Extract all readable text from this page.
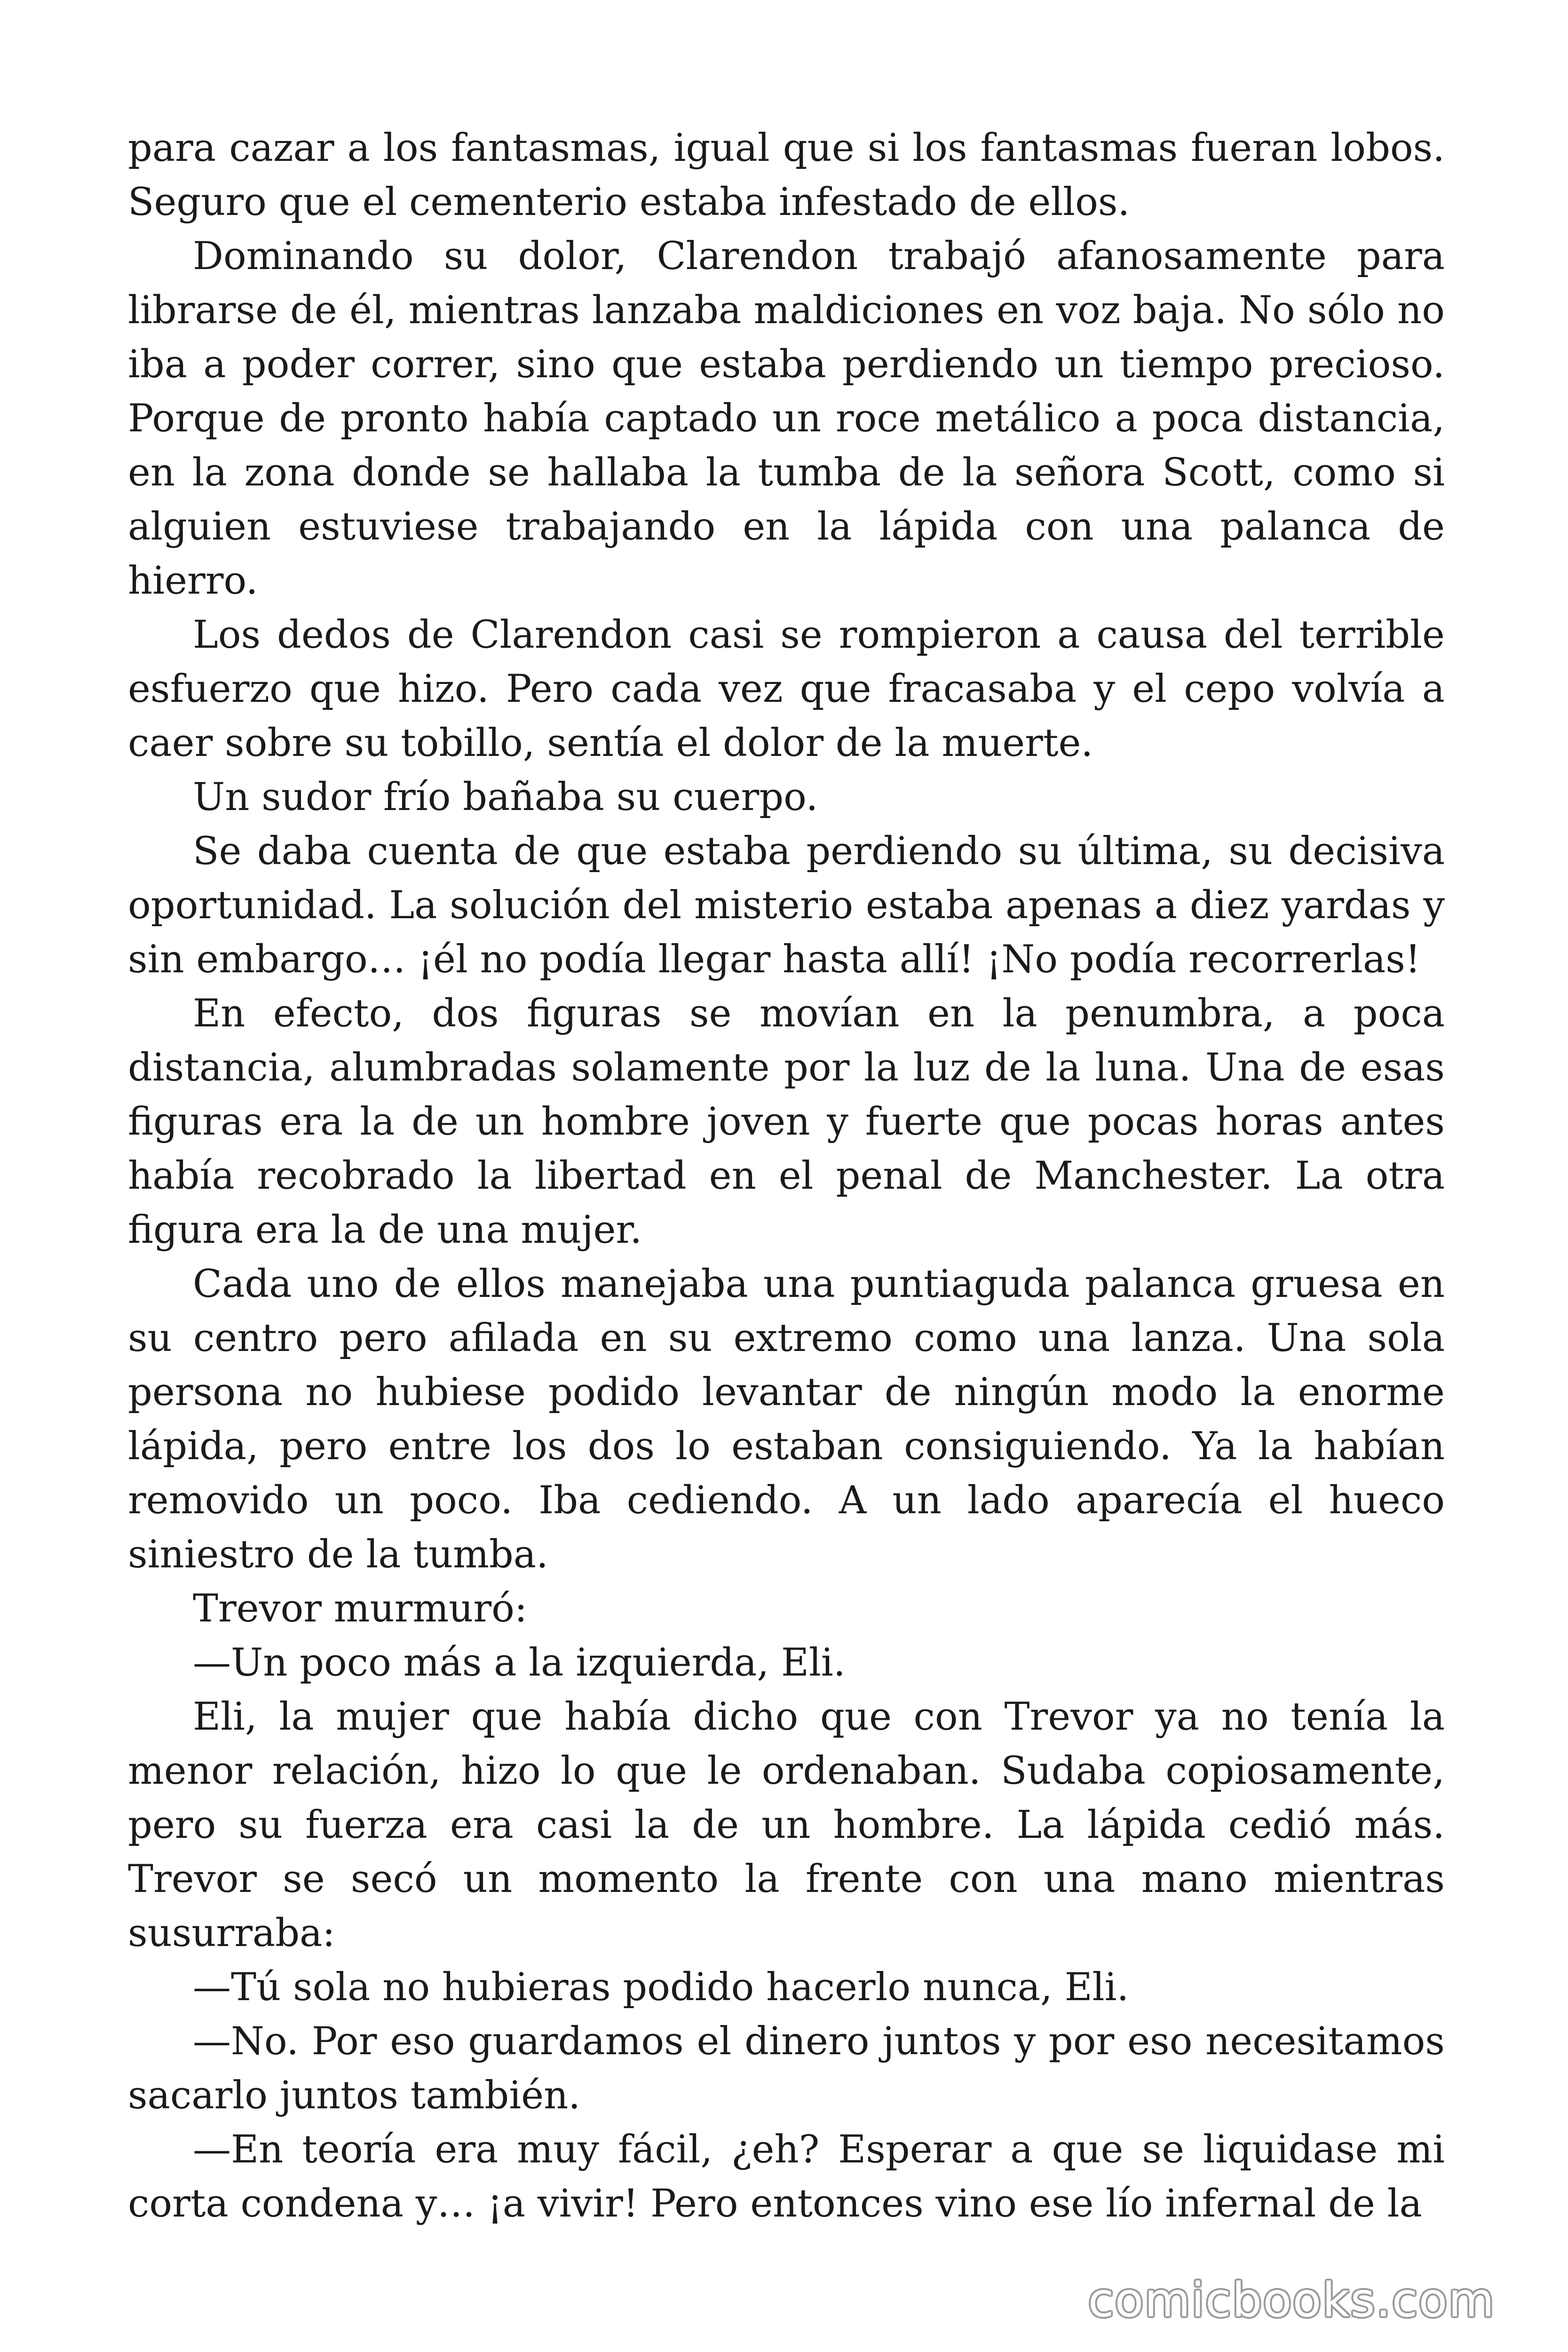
para cazar a los fantasmas, igual que si los fantasmas fueran lobos. Seguro que el cementerio estaba infestado de ellos.

Dominando su dolor, Clarendon trabajó afanosamente para librarse de él, mientras lanzaba maldiciones en voz baja. No sólo no iba a poder correr, sino que estaba perdiendo un tiempo precioso. Porque de pronto había captado un roce metálico a poca distancia, en la zona donde se hallaba la tumba de la señora Scott, como si alguien estuviese trabajando en la lápida con una palanca de hierro.

Los dedos de Clarendon casi se rompieron a causa del terrible esfuerzo que hizo. Pero cada vez que fracasaba y el cepo volvía a caer sobre su tobillo, sentía el dolor de la muerte.

Un sudor frío bañaba su cuerpo.

Se daba cuenta de que estaba perdiendo su última, su decisiva oportunidad. La solución del misterio estaba apenas a diez yardas y sin embargo… ¡él no podía llegar hasta allí! ¡No podía recorrerlas!

En efecto, dos figuras se movían en la penumbra, a poca distancia, alumbradas solamente por la luz de la luna. Una de esas figuras era la de un hombre joven y fuerte que pocas horas antes había recobrado la libertad en el penal de Manchester. La otra figura era la de una mujer.

Cada uno de ellos manejaba una puntiaguda palanca gruesa en su centro pero afilada en su extremo como una lanza. Una sola persona no hubiese podido levantar de ningún modo la enorme lápida, pero entre los dos lo estaban consiguiendo. Ya la habían removido un poco. Iba cediendo. A un lado aparecía el hueco siniestro de la tumba.

Trevor murmuró:

—Un poco más a la izquierda, Eli.

Eli, la mujer que había dicho que con Trevor ya no tenía la menor relación, hizo lo que le ordenaban. Sudaba copiosamente, pero su fuerza era casi la de un hombre. La lápida cedió más. Trevor se secó un momento la frente con una mano mientras susurraba:

—Tú sola no hubieras podido hacerlo nunca, Eli.

—No. Por eso guardamos el dinero juntos y por eso necesitamos sacarlo juntos también.

—En teoría era muy fácil, ¿eh? Esperar a que se liquidase mi corta condena y… ¡a vivir! Pero entonces vino ese lío infernal de la

comicbooks.com
